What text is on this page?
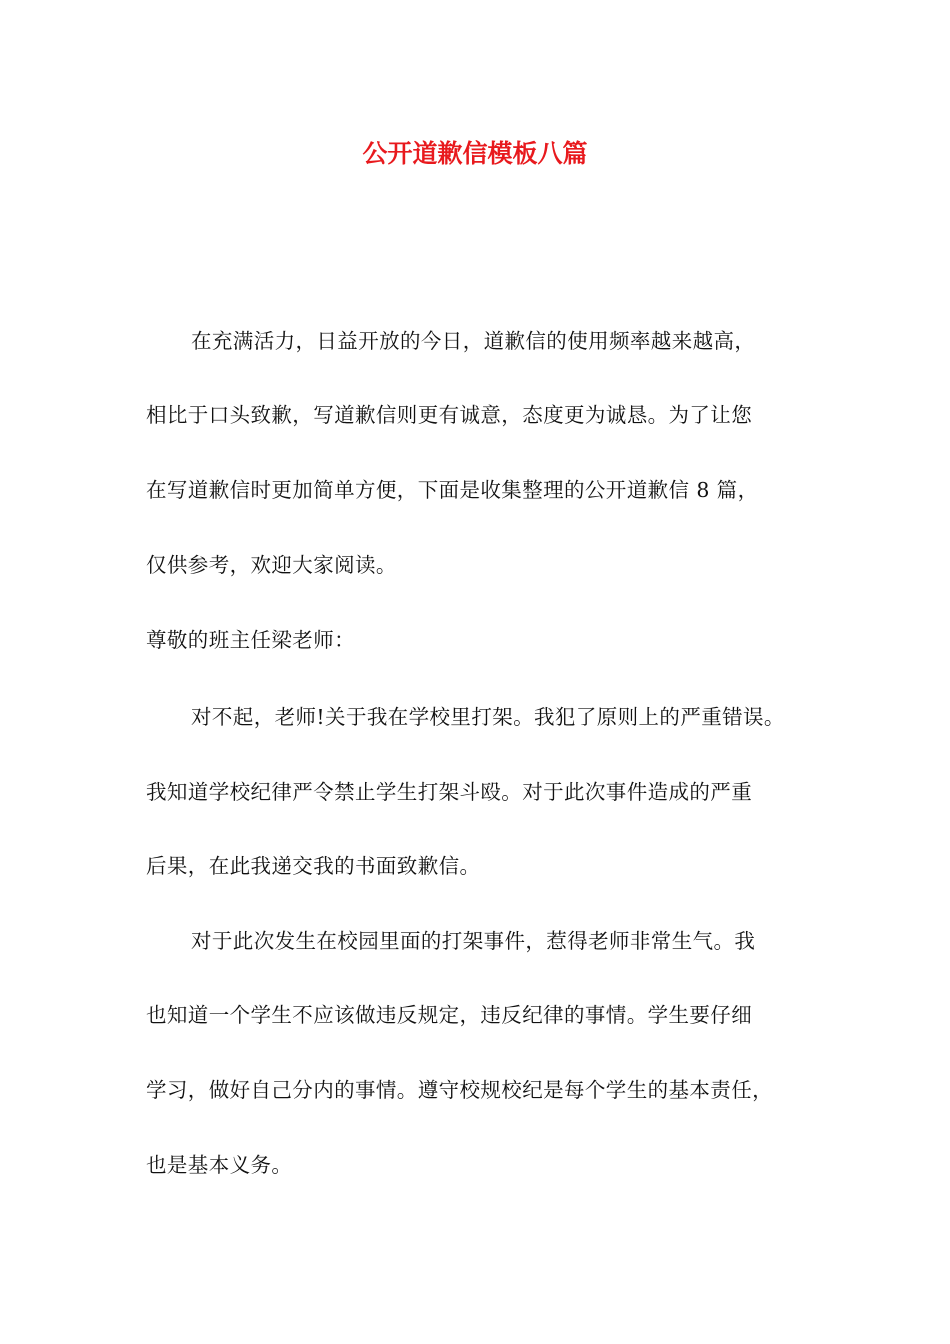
公开道歉信模板八篇
在充满活力，日益开放的今日，道歉信的使用频率越来越高，
相比于口头致歉，写道歉信则更有诚意，态度更为诚恳。为了让您
在写道歉信时更加简单方便，下面是收集整理的公开道歉信 8 篇，
仅供参考，欢迎大家阅读。
尊敬的班主任梁老师：
对不起，老师!关于我在学校里打架。我犯了原则上的严重错误。
我知道学校纪律严令禁止学生打架斗殴。对于此次事件造成的严重
后果，在此我递交我的书面致歉信。
对于此次发生在校园里面的打架事件，惹得老师非常生气。我
也知道一个学生不应该做违反规定，违反纪律的事情。学生要仔细
学习，做好自己分内的事情。遵守校规校纪是每个学生的基本责任，
也是基本义务。
